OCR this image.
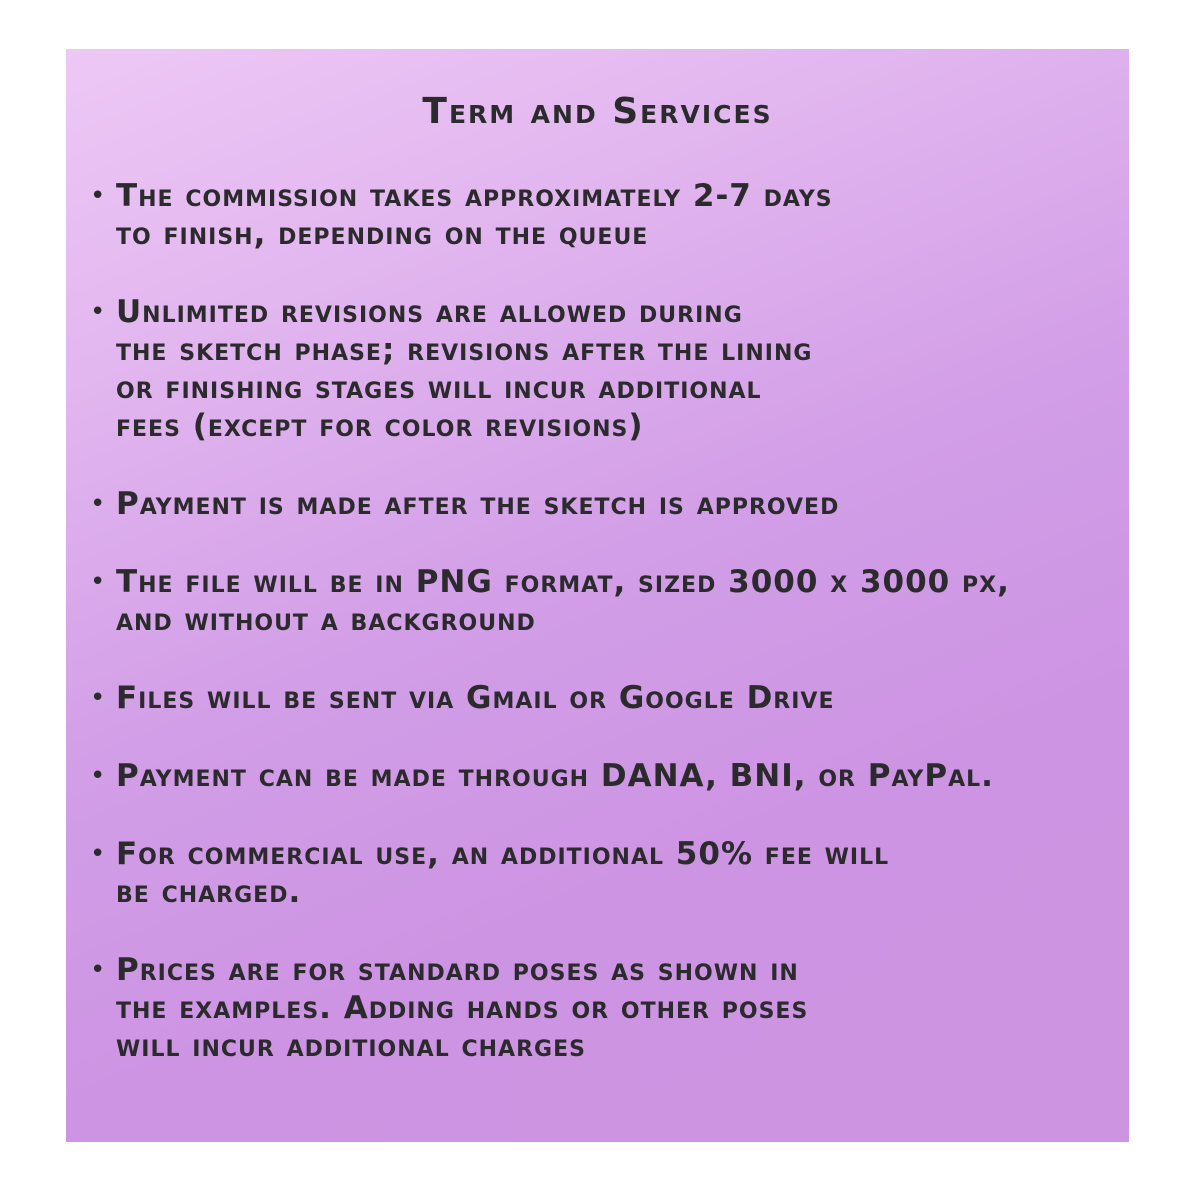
Term and Services
• The commission takes approximately 2-7 days
to finish, depending on the queue
• Unlimited revisions are allowed during
the sketch phase; revisions after the lining
or finishing stages will incur additional
fees (except for color revisions)
• Payment is made after the sketch is approved
• The file will be in PNG format, sized 3000 x 3000 px,
and without a background
• Files will be sent via Gmail or Google Drive
• Payment can be made through DANA, BNI, or PayPal.
• For commercial use, an additional 50% fee will
be charged.
• Prices are for standard poses as shown in
the examples. Adding hands or other poses
will incur additional charges
